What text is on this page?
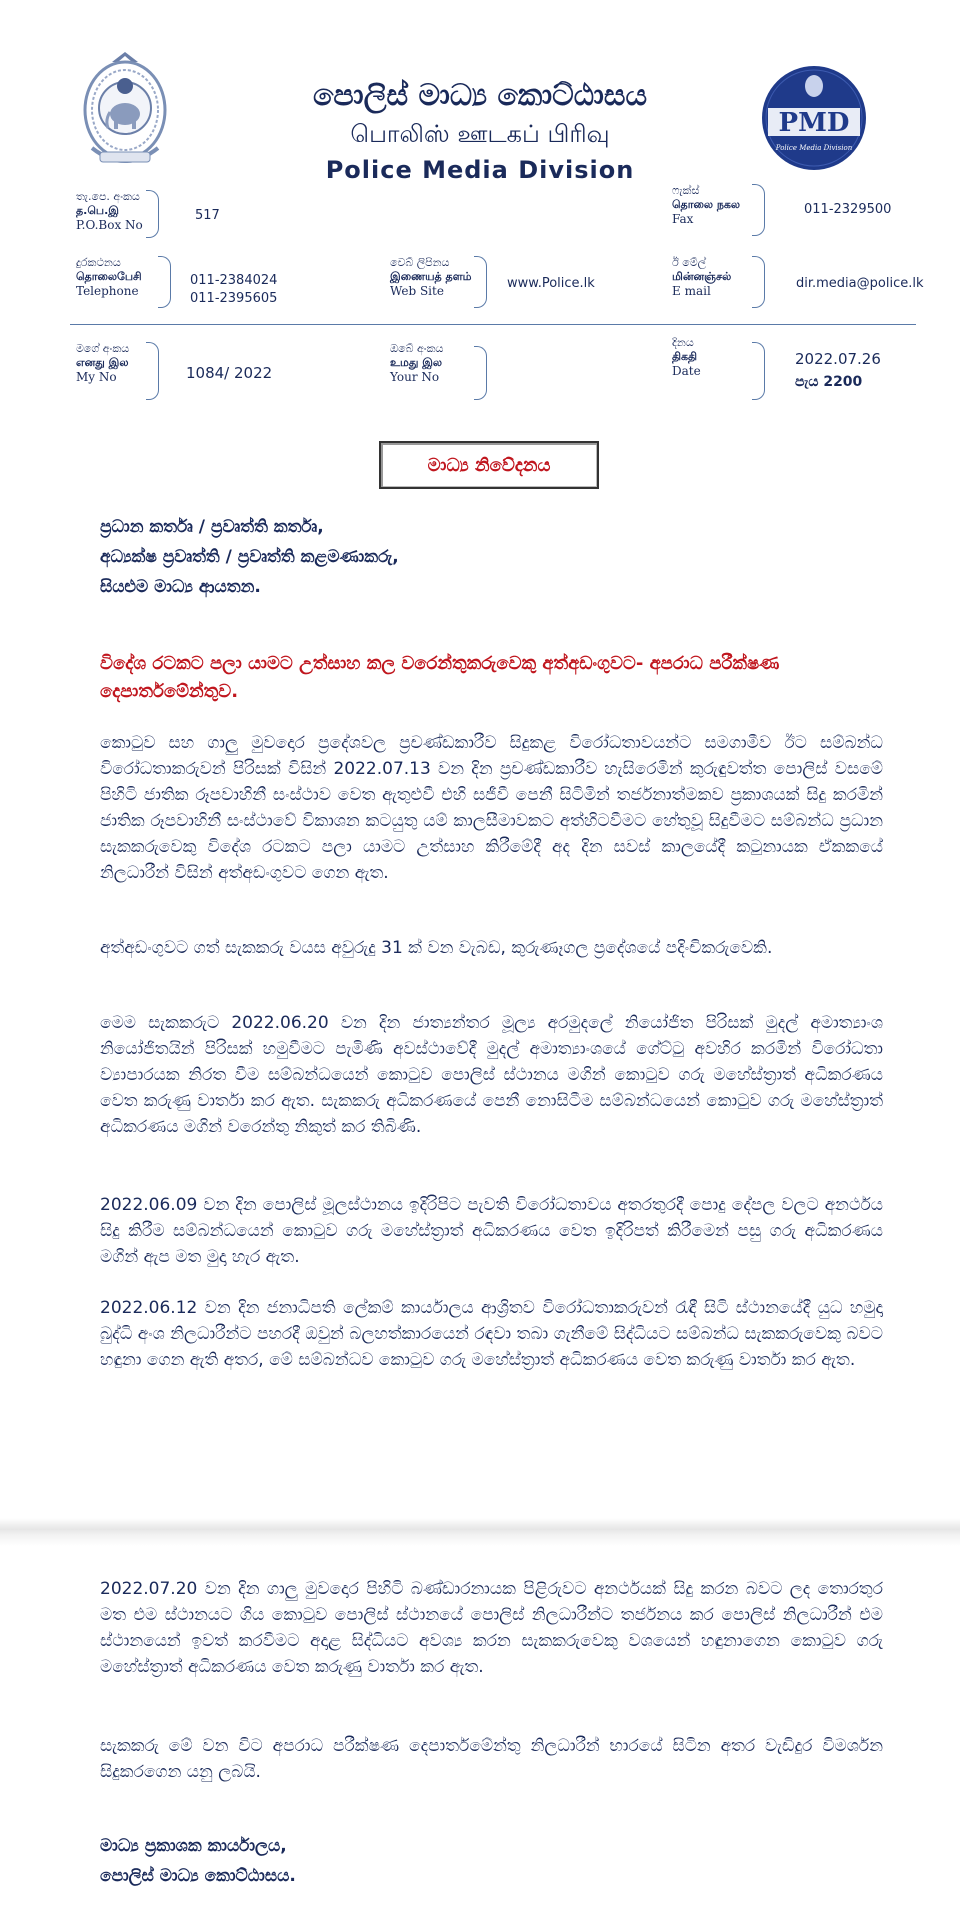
පොලිස් මාධ්‍ය කොට්ඨාසය
பொலிஸ் ஊடகப் பிரிவு
Police Media Division
PMD
Police Media Division
තැ.පෙ. අංකය
த.பெ.இ
P.O.Box No
517
ෆැක්ස්
தொலை நகல
Fax
011-2329500
දුරකථනය
தொலைபேசி
Telephone
011-2384024
011-2395605
වෙබ් ලිපිනය
இணையத் தளம்
Web Site	www.Police.lk
ඊ මේල්
மின்னஞ்சல்
E mail	dir.media@police.lk
මගේ අංකය
எனது இல
My No	1084/ 2022
ඔබේ අංකය
உமது இல
Your No
දිනය
திகதி
Date
2022.07.26
පැය 2200
මාධ්‍ය නිවේදනය
ප්‍රධාන කර්තෘ / ප්‍රවෘත්ති කර්තෘ,
අධ්‍යක්ෂ ප්‍රවෘත්ති / ප්‍රවෘත්ති කළමණාකරු,
සියළුම මාධ්‍ය ආයතන.
විදේශ රටකට පලා යාමට උත්සාහ කල වරෙන්තුකරුවෙකු අත්අඩංගුවට- අපරාධ පරීක්ෂණ දෙපාර්තමේන්තුව.
කොටුව සහ ගාලු මුවදොර ප්‍රදේශවල ප්‍රචණ්ඩකාරීව සිදුකළ විරෝධතාවයන්ට සමගාමීව ඊට සම්බන්ධ විරෝධතාකරුවන් පිරිසක් විසින් 2022.07.13 වන දින ප්‍රචණ්ඩකාරීව හැසිරෙමින් කුරුඳුවත්ත පොලිස් වසමේ පිහිටි ජාතික රූපවාහිනී සංස්ථාව වෙත ඇතුළුවී එහි සජීවී පෙනී සිටිමින් තර්ජනාත්මකව ප්‍රකාශයක් සිදු කරමින් ජාතික රූපවාහිනී සංස්ථාවේ විකාශන කටයුතු යම් කාලසීමාවකට අත්හිටවීමට හේතුවූ සිදුවීමට සම්බන්ධ ප්‍රධාන සැකකරුවෙකු විදේශ රටකට පලා යාමට උත්සාහ කිරීමේදී අද දින සවස් කාලයේදී කටුනායක ඒකකයේ නිලධාරීන් විසින් අත්අඩංගුවට ගෙන ඇත.
අත්අඩංගුවට ගත් සැකකරු වයස අවුරුදු 31 ක් වන වැබඩ, කුරුණෑගල ප්‍රදේශයේ පදිංචිකරුවෙකි.
මෙම සැකකරුට 2022.06.20 වන දින ජාත්‍යන්තර මූල්‍ය අරමුදලේ නියෝජිත පිරිසක් මුදල් අමාත්‍යාංශ නියෝජිතයින් පිරිසක් හමුවීමට පැමිණි අවස්ථාවේදී මුදල් අමාත්‍යාංශයේ ගේට්ටු අවහිර කරමින් විරෝධතා ව්‍යාපාරයක නිරත වීම සම්බන්ධයෙන් කොටුව පොලිස් ස්ථානය මගින් කොටුව ගරු මහේස්ත්‍රාත් අධිකරණය වෙත කරුණු වාර්තා කර ඇත. සැකකරු අධිකරණයේ පෙනී නොසිටීම සම්බන්ධයෙන් කොටුව ගරු මහේස්ත්‍රාත් අධිකරණය මගින් වරෙන්තු නිකුත් කර තිබිණි.
2022.06.09 වන දින පොලිස් මූලස්ථානය ඉදිරිපිට පැවති විරෝධතාවය අතරතුරදී පොදු දේපල වලට අනර්ථය සිදු කිරීම සම්බන්ධයෙන් කොටුව ගරු මහේස්ත්‍රාත් අධිකරණය වෙත ඉදිරිපත් කිරීමෙන් පසු ගරු අධිකරණය මගින් ඇප මත මුදා හැර ඇත.
2022.06.12 වන දින ජනාධිපති ලේකම් කාර්යාලය ආශ්‍රිතව විරෝධතාකරුවන් රැඳී සිටි ස්ථානයේදී යුධ හමුදා බුද්ධි අංශ නිලධාරීන්ට පහරදී ඔවුන් බලහත්කාරයෙන් රඳවා තබා ගැනීමේ සිද්ධියට සම්බන්ධ සැකකරුවෙකු බවට හඳුනා ගෙන ඇති අතර, මේ සම්බන්ධව කොටුව ගරු මහේස්ත්‍රාත් අධිකරණය වෙත කරුණු වාර්තා කර ඇත.
2022.07.20 වන දින ගාලු මුවදොර පිහිටි බණ්ඩාරනායක පිළිරුවට අනර්ථයක් සිදු කරන බවට ලද තොරතුර මත එම ස්ථානයට ගිය කොටුව පොලිස් ස්ථානයේ පොලිස් නිලධාරීන්ට තර්ජනය කර පොලිස් නිලධාරීන් එම ස්ථානයෙන් ඉවත් කරවීමට අදාළ සිද්ධියට අවශ්‍ය කරන සැකකරුවෙකු වශයෙන් හඳුනාගෙන කොටුව ගරු මහේස්ත්‍රාත් අධිකරණය වෙත කරුණු වාර්තා කර ඇත.
සැකකරු මේ වන විට අපරාධ පරීක්ෂණ දෙපාර්තමේන්තු නිලධාරීන් භාරයේ සිටින අතර වැඩිදුර විමර්ශන සිදුකරගෙන යනු ලබයි.
මාධ්‍ය ප්‍රකාශක කාර්යාලය,
පොලිස් මාධ්‍ය කොට්ඨාසය.
